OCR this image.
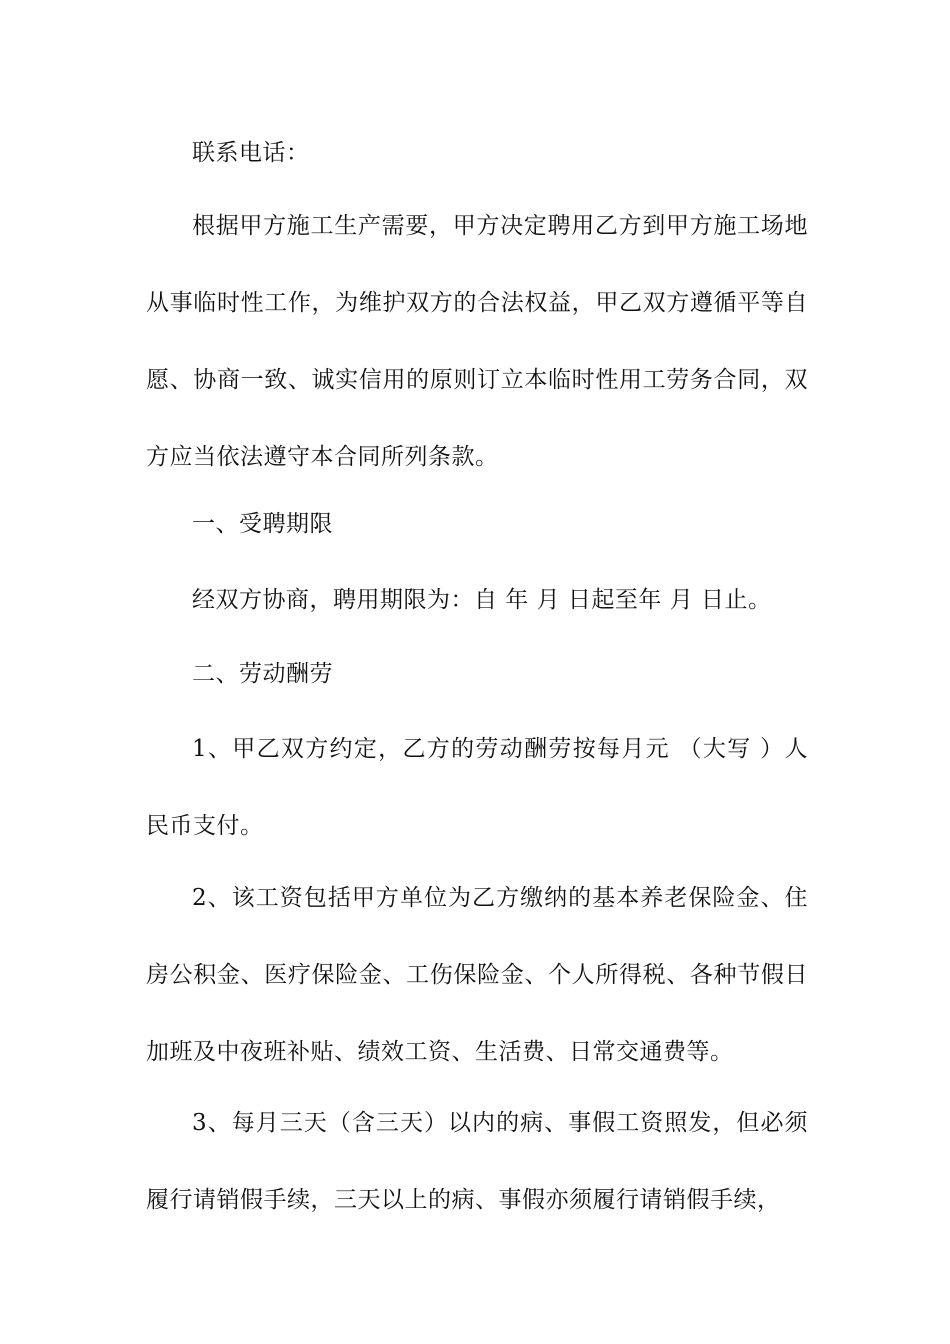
联系电话：

根据甲方施工生产需要，甲方决定聘用乙方到甲方施工场地从事临时性工作，为维护双方的合法权益，甲乙双方遵循平等自愿、协商一致、诚实信用的原则订立本临时性用工劳务合同，双方应当依法遵守本合同所列条款。

一、受聘期限

经双方协商，聘用期限为：自 年 月 日起至年 月 日止。

二、劳动酬劳

1、甲乙双方约定，乙方的劳动酬劳按每月元 （大写 ）人民币支付。

2、该工资包括甲方单位为乙方缴纳的基本养老保险金、住房公积金、医疗保险金、工伤保险金、个人所得税、各种节假日加班及中夜班补贴、绩效工资、生活费、日常交通费等。

3、每月三天（含三天）以内的病、事假工资照发，但必须履行请销假手续，三天以上的病、事假亦须履行请销假手续，
